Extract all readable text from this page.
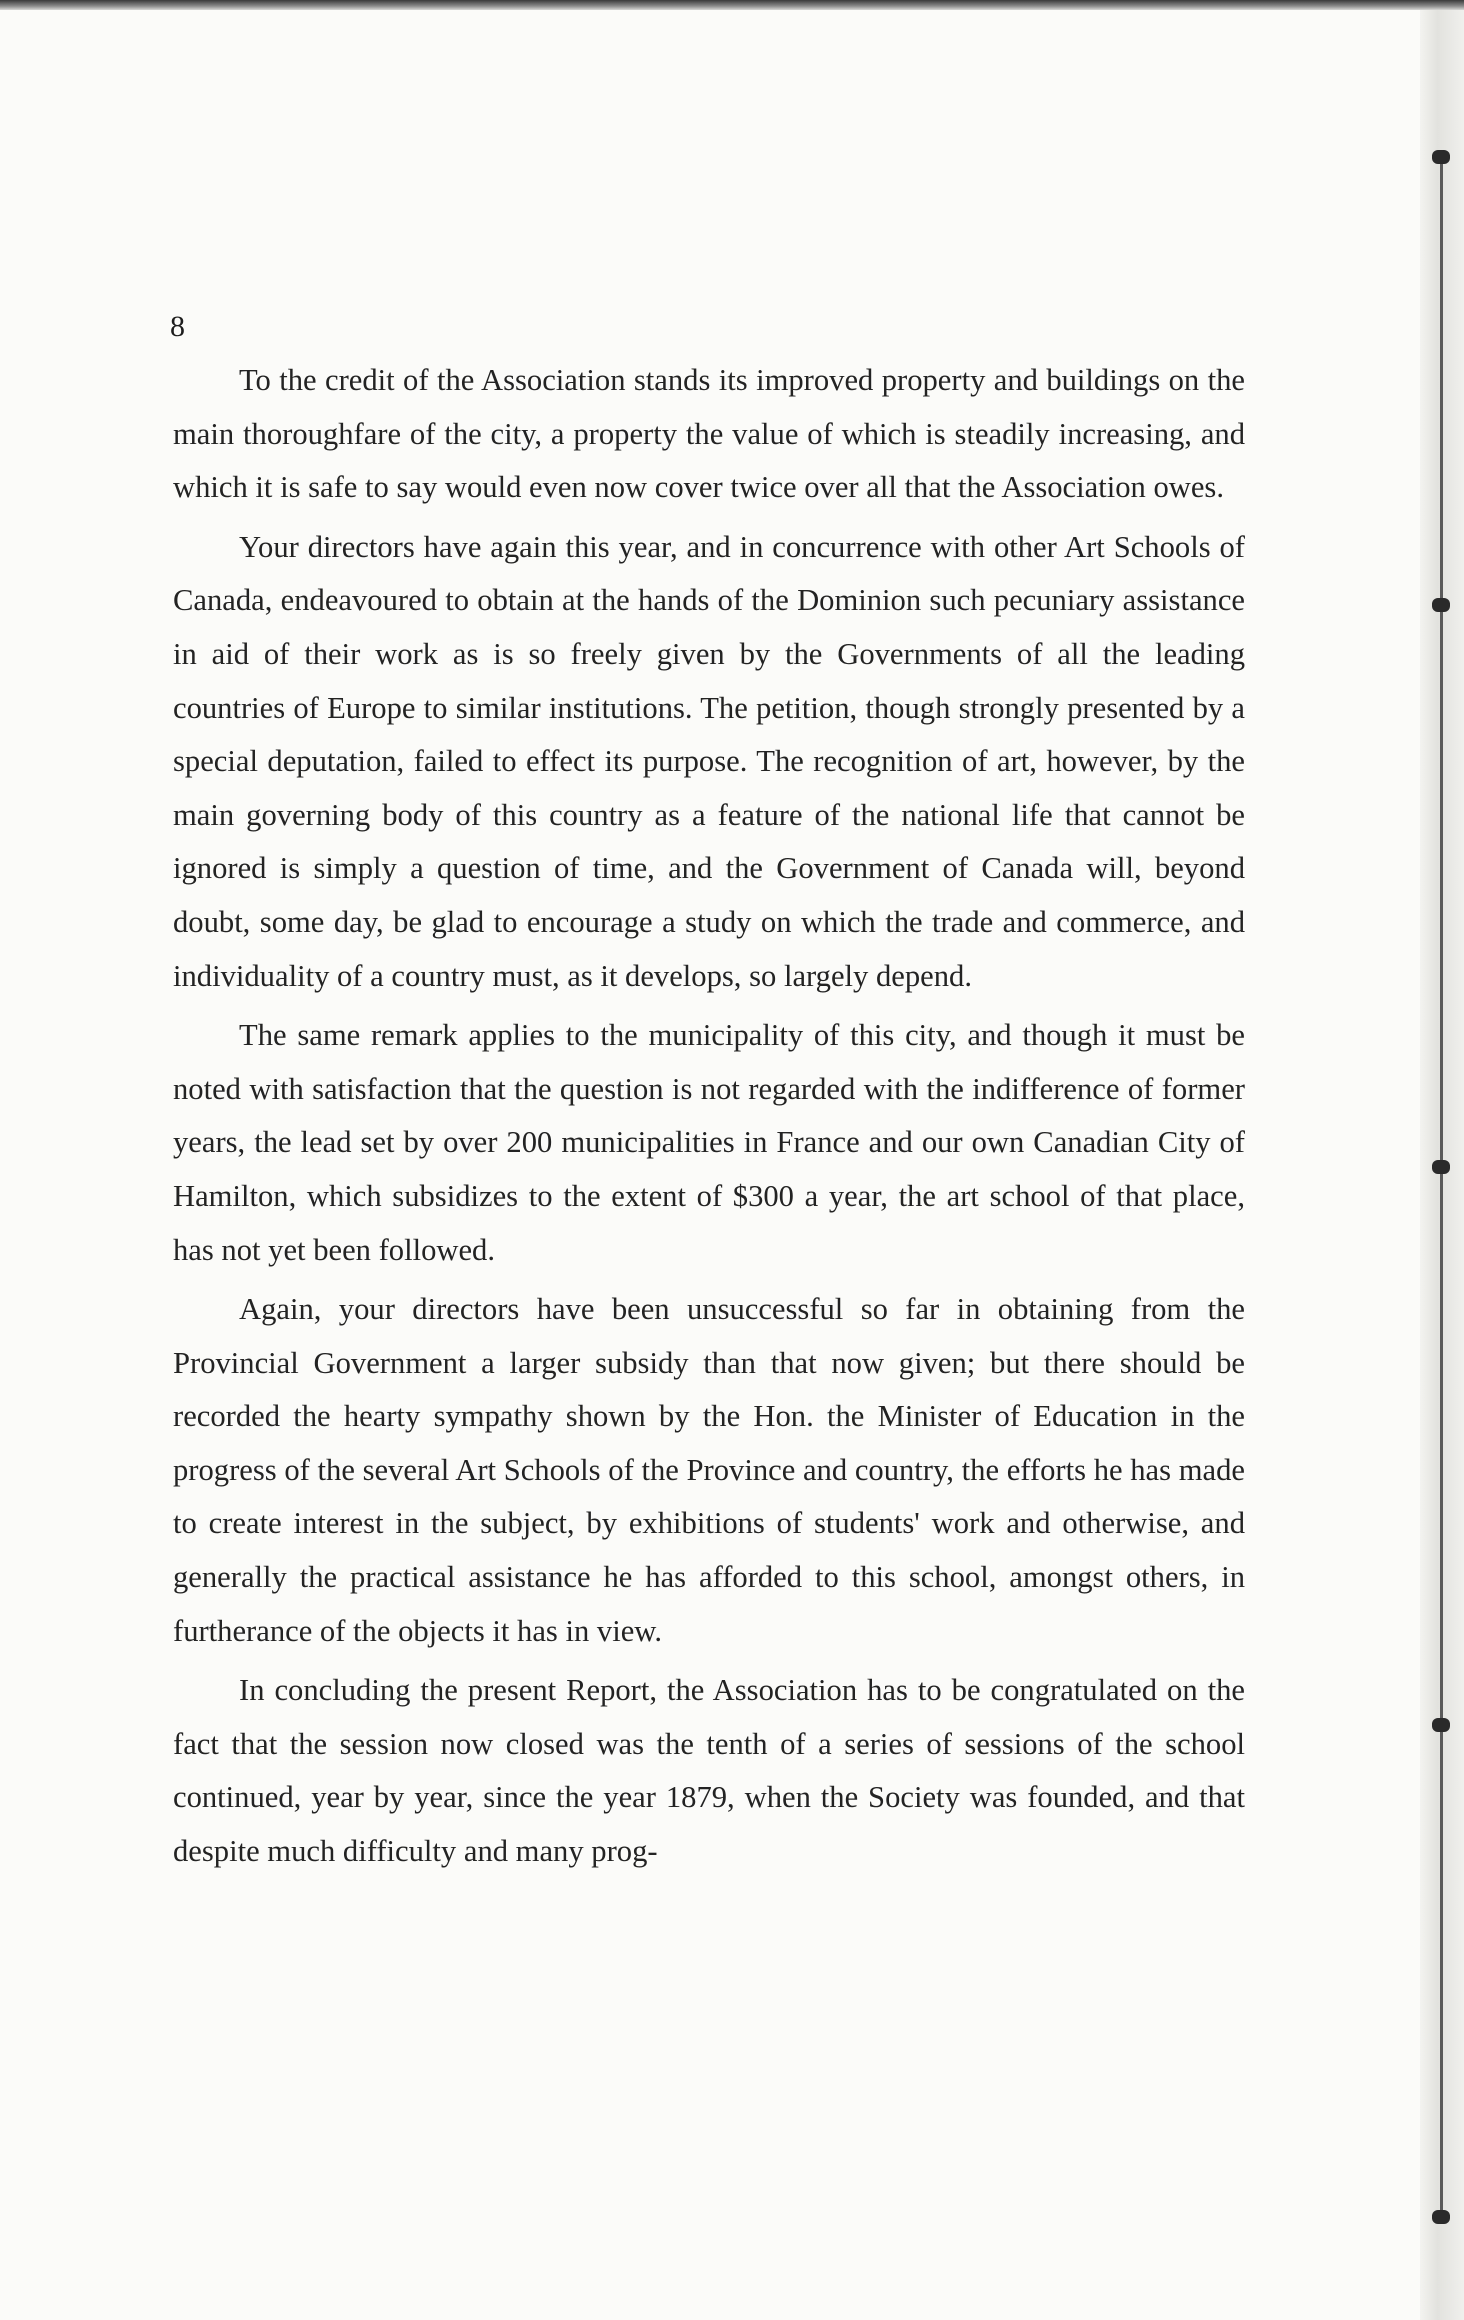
8

To the credit of the Association stands its improved property and buildings on the main thoroughfare of the city, a property the value of which is steadily increasing, and which it is safe to say would even now cover twice over all that the Association owes.

Your directors have again this year, and in concurrence with other Art Schools of Canada, endeavoured to obtain at the hands of the Dominion such pecuniary assistance in aid of their work as is so freely given by the Governments of all the leading countries of Europe to similar institutions. The petition, though strongly presented by a special deputation, failed to effect its purpose. The recognition of art, however, by the main governing body of this country as a feature of the national life that cannot be ignored is simply a question of time, and the Government of Canada will, beyond doubt, some day, be glad to encourage a study on which the trade and commerce, and individuality of a country must, as it develops, so largely depend.

The same remark applies to the municipality of this city, and though it must be noted with satisfaction that the question is not regarded with the indifference of former years, the lead set by over 200 municipalities in France and our own Canadian City of Hamilton, which subsidizes to the extent of $300 a year, the art school of that place, has not yet been followed.

Again, your directors have been unsuccessful so far in obtaining from the Provincial Government a larger subsidy than that now given; but there should be recorded the hearty sympathy shown by the Hon. the Minister of Education in the progress of the several Art Schools of the Province and country, the efforts he has made to create interest in the subject, by exhibitions of students' work and otherwise, and generally the practical assistance he has afforded to this school, amongst others, in furtherance of the objects it has in view.

In concluding the present Report, the Association has to be congratulated on the fact that the session now closed was the tenth of a series of sessions of the school continued, year by year, since the year 1879, when the Society was founded, and that despite much difficulty and many prog-
